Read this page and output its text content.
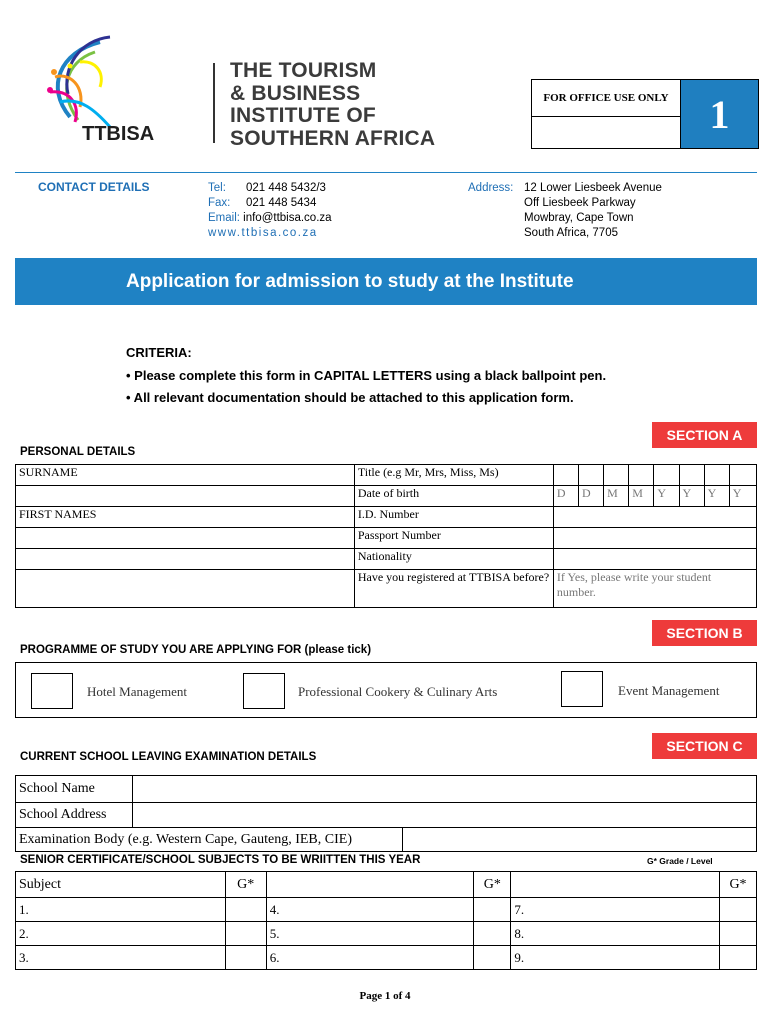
TTBISA
THE TOURISM
& BUSINESS
INSTITUTE OF
SOUTHERN AFRICA
FOR OFFICE USE ONLY	1
CONTACT DETAILS	Tel: 021 448 5432/3
Fax: 021 448 5434
Email: info@ttbisa.co.za
www.ttbisa.co.za
Address: 12 Lower Liesbeek Avenue
Off Liesbeek Parkway
Mowbray, Cape Town
South Africa, 7705
Application for admission to study at the Institute
CRITERIA:
• Please complete this form in CAPITAL LETTERS using a black ballpoint pen.
• All relevant documentation should be attached to this application form.
SECTION A
PERSONAL DETAILS
SURNAME	Title (e.g Mr, Mrs, Miss, Ms)								
	Date of birth	D	D	M	M	Y	Y	Y	Y
FIRST NAMES	I.D. Number								
	Passport Number								
	Nationality								
	Have you registered at TTBISA before?	If Yes, please write your student number.							
SECTION B
PROGRAMME OF STUDY YOU ARE APPLYING FOR (please tick)
Hotel Management	Professional Cookery & Culinary Arts	Event Management
SECTION C
CURRENT SCHOOL LEAVING EXAMINATION DETAILS
School Name		
School Address		
Examination Body (e.g. Western Cape, Gauteng, IEB, CIE)		
SENIOR CERTIFICATE/SCHOOL SUBJECTS TO BE WRIITTEN THIS YEAR	G* Grade / Level
Subject	G*		G*		G*
1.		4.		7.	
2.		5.		8.	
3.		6.		9.	
Page 1 of 4
